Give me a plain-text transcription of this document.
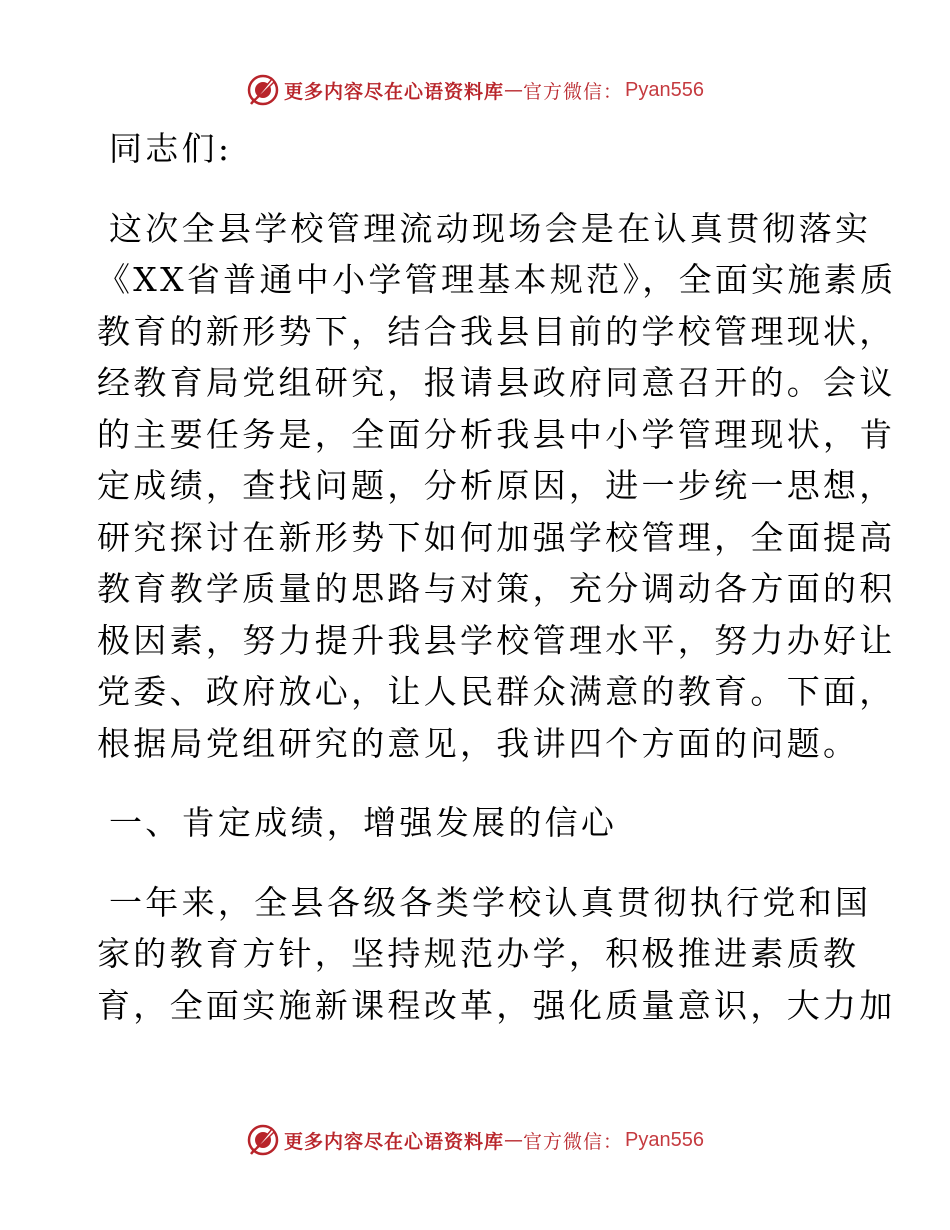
更多内容尽在心语资料库 — 官方微信： Pyan556
同志们:
这次全县学校管理流动现场会是在认真贯彻落实
《XX省普通中小学管理基本规范》，全面实施素质
教育的新形势下，结合我县目前的学校管理现状，
经教育局党组研究，报请县政府同意召开的。会议
的主要任务是，全面分析我县中小学管理现状，肯
定成绩，查找问题，分析原因，进一步统一思想，
研究探讨在新形势下如何加强学校管理，全面提高
教育教学质量的思路与对策，充分调动各方面的积
极因素，努力提升我县学校管理水平，努力办好让
党委、政府放心，让人民群众满意的教育。下面，
根据局党组研究的意见，我讲四个方面的问题。
一、肯定成绩，增强发展的信心
一年来，全县各级各类学校认真贯彻执行党和国
家的教育方针，坚持规范办学，积极推进素质教
育，全面实施新课程改革，强化质量意识，大力加
更多内容尽在心语资料库 — 官方微信： Pyan556
